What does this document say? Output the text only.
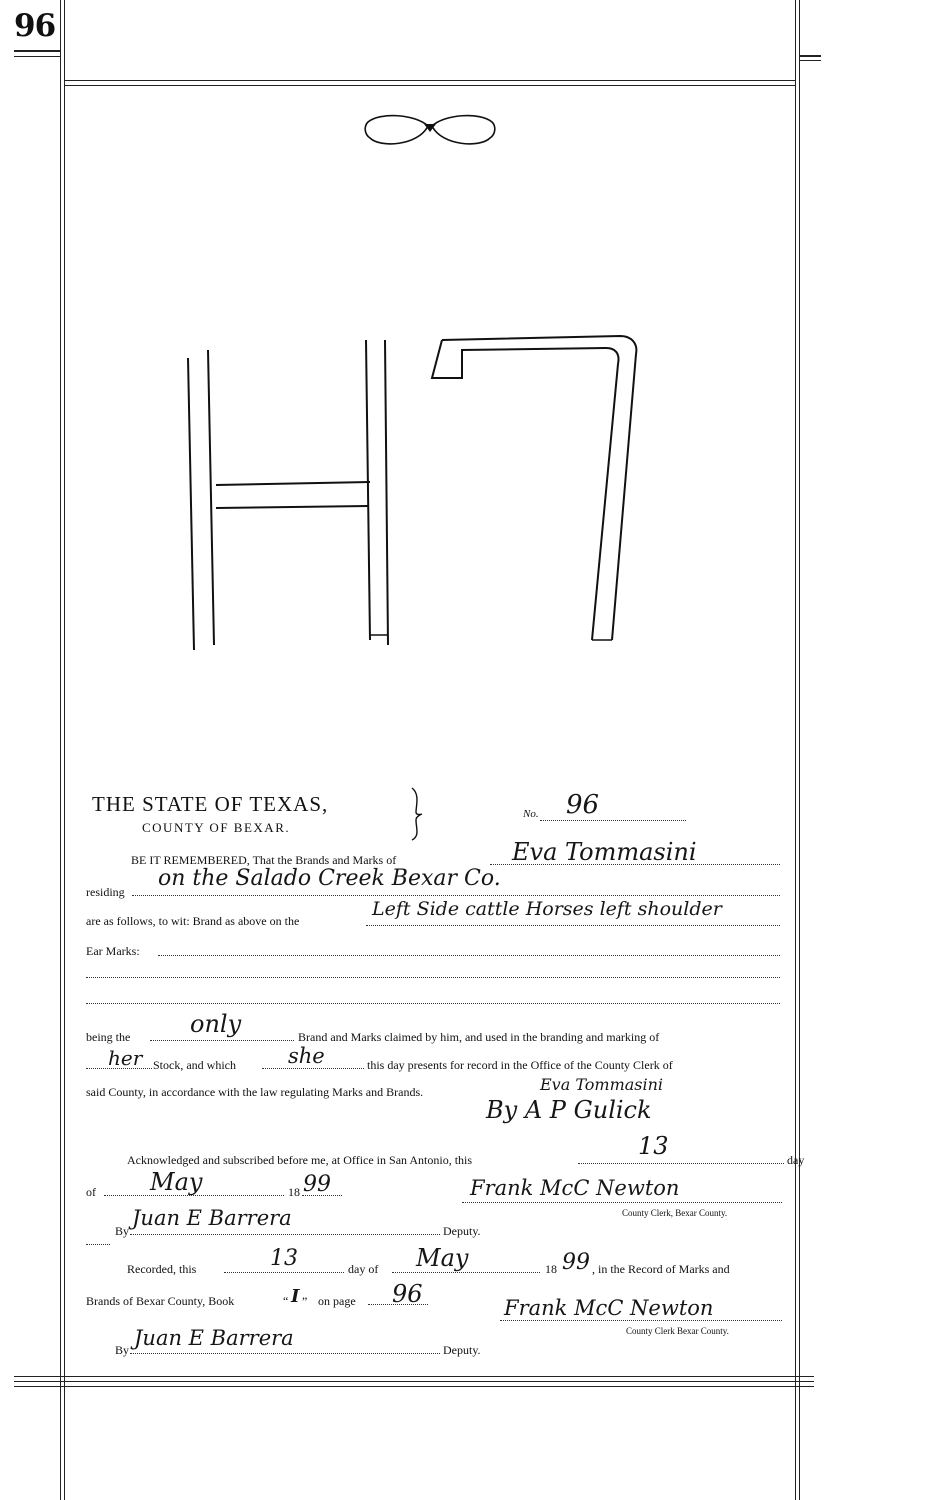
96
THE STATE OF TEXAS,
COUNTY OF BEXAR.
No. 96
BE IT REMEMBERED, That the Brands and Marks of	Eva Tommasini
residing
on the Salado Creek Bexar Co.
are as follows, to wit: Brand as above on the
Left Side cattle Horses left shoulder
Ear Marks:
being the only	Brand and Marks claimed by him, and used in the branding and marking of
her Stock, and which she	this day presents for record in the Office of the County Clerk of
said County, in accordance with the law regulating Marks and Brands.	Eva Tommasini
By A P Gulick
Acknowledged and subscribed before me, at Office in San Antonio, this	13	day
of May	18 99	Frank McC Newton
County Clerk, Bexar County.
By
Juan E Barrera
Deputy.
Recorded, this	13	day of May	18 99 , in the Record of Marks and
Brands of Bexar County, Book	“ I ” on page 96	Frank McC Newton
County Clerk Bexar County.
By Juan E Barrera	Deputy.
